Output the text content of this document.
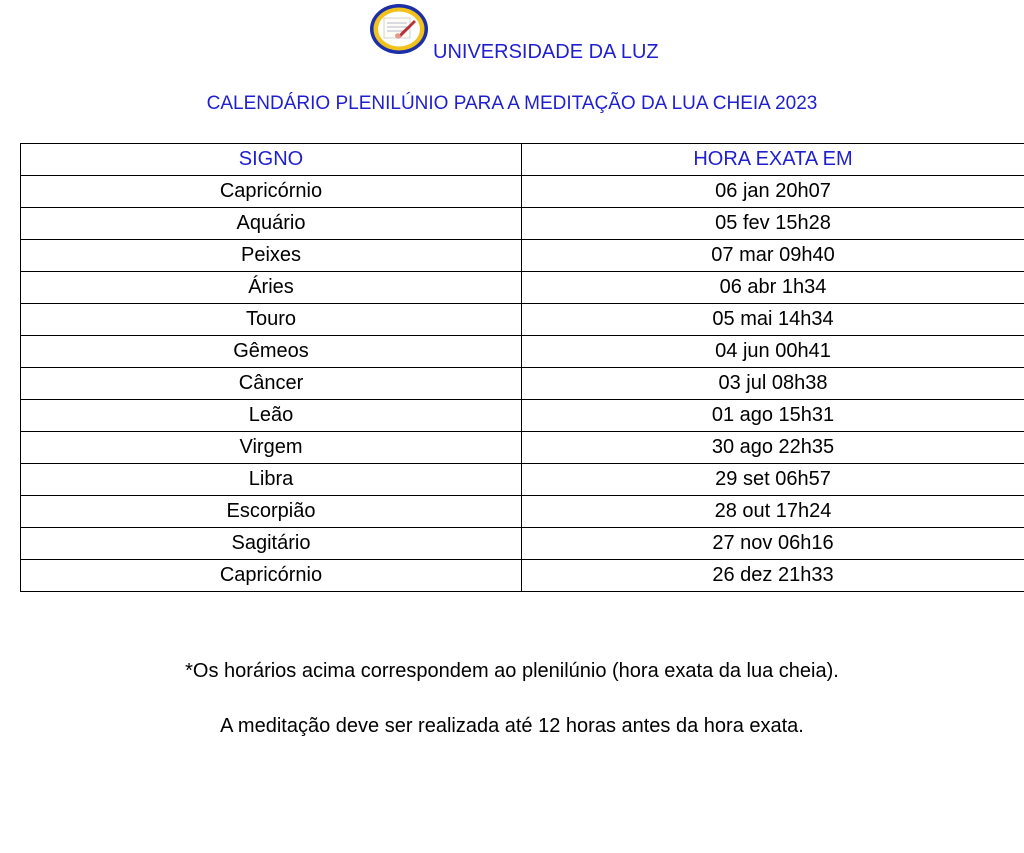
UNIVERSIDADE DA LUZ
CALENDÁRIO PLENILÚNIO PARA A MEDITAÇÃO DA LUA CHEIA 2023
SIGNO	HORA EXATA EM
Capricórnio	06 jan 20h07
Aquário	05 fev 15h28
Peixes	07 mar 09h40
Áries	06 abr 1h34
Touro	05 mai 14h34
Gêmeos	04 jun 00h41
Câncer	03 jul 08h38
Leão	01 ago 15h31
Virgem	30 ago 22h35
Libra	29 set 06h57
Escorpião	28 out 17h24
Sagitário	27 nov 06h16
Capricórnio	26 dez 21h33
*Os horários acima correspondem ao plenilúnio (hora exata da lua cheia).
A meditação deve ser realizada até 12 horas antes da hora exata.
